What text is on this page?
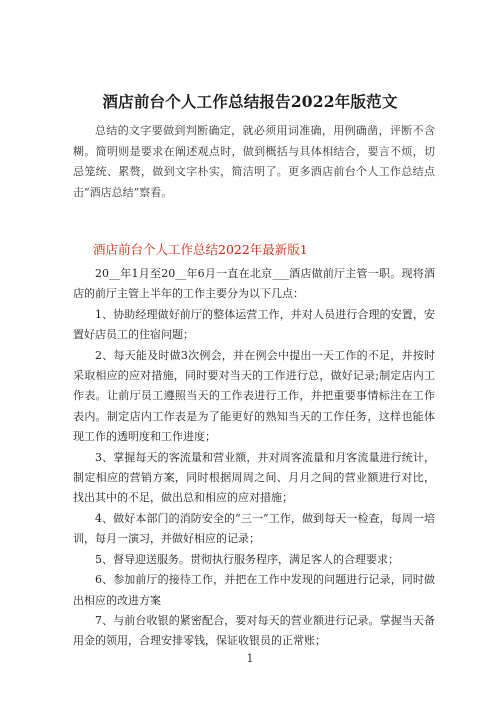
酒店前台个人工作总结报告2022年版范文

总结的文字要做到判断确定，就必须用词准确，用例确凿，评断不含糊。简明则是要求在阐述观点时，做到概括与具体相结合，要言不烦，切忌笼统、累赘，做到文字朴实，简洁明了。更多酒店前台个人工作总结点击“酒店总结”察看。

酒店前台个人工作总结2022年最新版1

20__年1月至20__年6月一直在北京___酒店做前厅主管一职。现将酒店的前厅主管上半年的工作主要分为以下几点：

1、协助经理做好前厅的整体运营工作，并对人员进行合理的安置，安置好店员工的住宿问题；

2、每天能及时做3次例会，并在例会中提出一天工作的不足，并按时采取相应的应对措施，同时要对当天的工作进行总，做好记录;制定店内工作表。让前厅员工遵照当天的工作表进行工作，并把重要事情标注在工作表内。制定店内工作表是为了能更好的熟知当天的工作任务，这样也能体现工作的透明度和工作进度；

3、掌握每天的客流量和营业额，并对周客流量和月客流量进行统计，制定相应的营销方案，同时根据周周之间、月月之间的营业额进行对比，找出其中的不足，做出总和相应的应对措施；

4、做好本部门的消防安全的“三一”工作，做到每天一检查，每周一培训，每月一演习，并做好相应的记录；

5、督导迎送服务。贯彻执行服务程序，满足客人的合理要求；

6、参加前厅的接待工作，并把在工作中发现的问题进行记录，同时做出相应的改进方案

7、与前台收银的紧密配合，要对每天的营业额进行记录。掌握当天备用金的领用，合理安排零钱，保证收银员的正常账；

1
